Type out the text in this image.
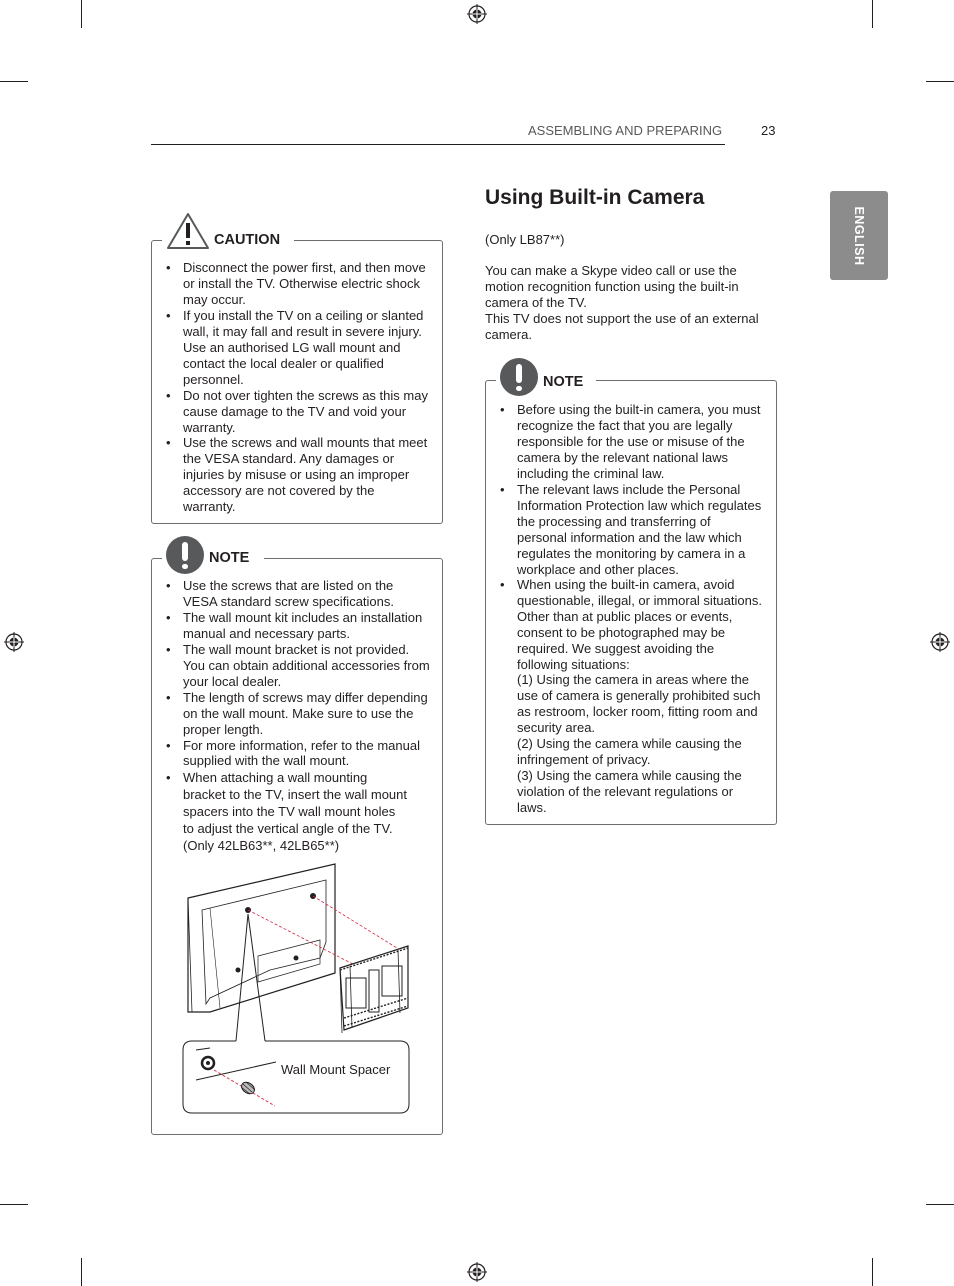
ASSEMBLING AND PREPARING	23
ENGLISH
CAUTION
• Disconnect the power first, and then move or install the TV. Otherwise electric shock may occur.
• If you install the TV on a ceiling or slanted wall, it may fall and result in severe injury. Use an authorised LG wall mount and contact the local dealer or qualified personnel.
• Do not over tighten the screws as this may cause damage to the TV and void your warranty.
• Use the screws and wall mounts that meet the VESA standard. Any damages or injuries by misuse or using an improper accessory are not covered by the warranty.
NOTE
• Use the screws that are listed on the VESA standard screw specifications.
• The wall mount kit includes an installation manual and necessary parts.
• The wall mount bracket is not provided. You can obtain additional accessories from your local dealer.
• The length of screws may differ depending on the wall mount. Make sure to use the proper length.
• For more information, refer to the manual supplied with the wall mount.
• When attaching a wall mounting bracket to the TV, insert the wall mount spacers into the TV wall mount holes to adjust the vertical angle of the TV. (Only 42LB63**, 42LB65**)
Wall Mount Spacer
Using Built-in Camera
(Only LB87**)
You can make a Skype video call or use the motion recognition function using the built-in camera of the TV.
This TV does not support the use of an external camera.
NOTE
• Before using the built-in camera, you must recognize the fact that you are legally responsible for the use or misuse of the camera by the relevant national laws including the criminal law.
• The relevant laws include the Personal Information Protection law which regulates the processing and transferring of personal information and the law which regulates the monitoring by camera in a workplace and other places.
• When using the built-in camera, avoid questionable, illegal, or immoral situations. Other than at public places or events, consent to be photographed may be required. We suggest avoiding the following situations:
(1) Using the camera in areas where the use of camera is generally prohibited such as restroom, locker room, fitting room and security area.
(2) Using the camera while causing the infringement of privacy.
(3) Using the camera while causing the violation of the relevant regulations or laws.
